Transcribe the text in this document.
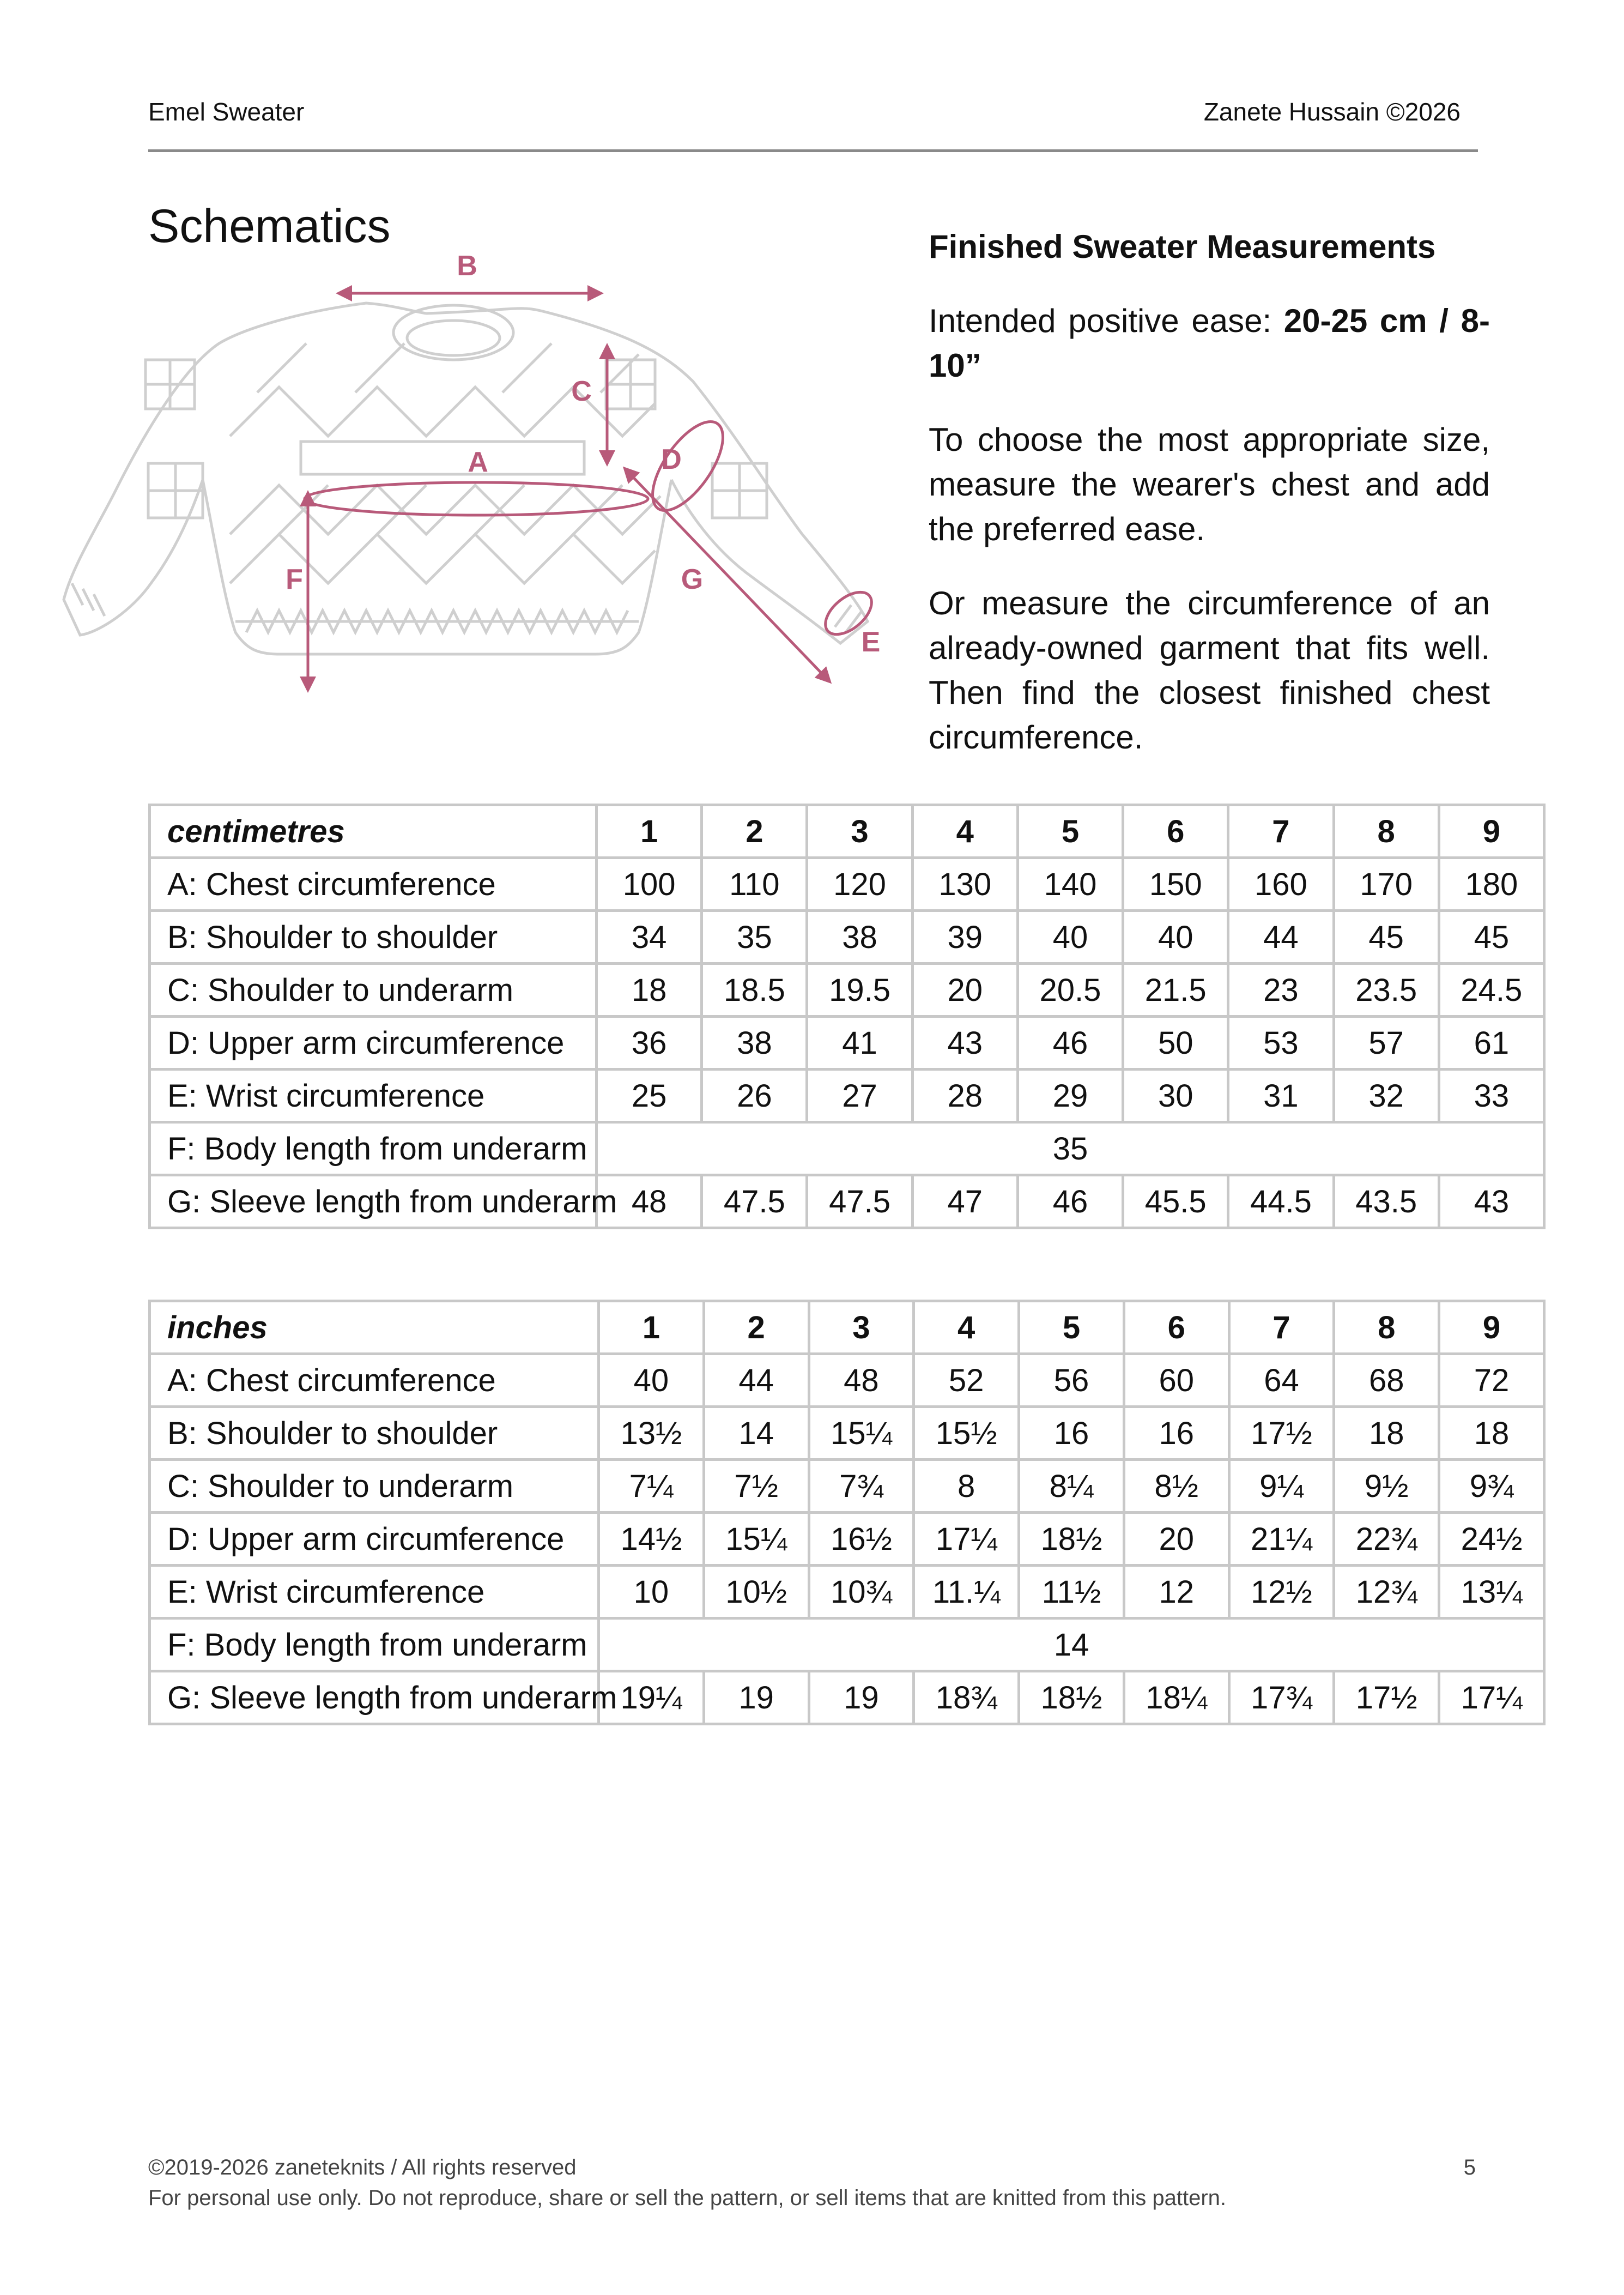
Emel Sweater	Zanete Hussain ©2026
Schematics
B
C
A	D
F	G
E

Finished Sweater Measurements

Intended positive ease: 20-25 cm / 8-10”

To choose the most appropriate size, measure the wearer's chest and add the preferred ease.

Or measure the circumference of an already-owned garment that fits well. Then find the closest finished chest circumference.

centimetres	1	2	3	4	5	6	7	8	9
A: Chest circumference	100	110	120	130	140	150	160	170	180
B: Shoulder to shoulder	34	35	38	39	40	40	44	45	45
C: Shoulder to underarm	18	18.5	19.5	20	20.5	21.5	23	23.5	24.5
D: Upper arm circumference	36	38	41	43	46	50	53	57	61
E: Wrist circumference	25	26	27	28	29	30	31	32	33
F: Body length from underarm	35								
G: Sleeve length from underarm	48	47.5	47.5	47	46	45.5	44.5	43.5	43
inches	1	2	3	4	5	6	7	8	9
A: Chest circumference	40	44	48	52	56	60	64	68	72
B: Shoulder to shoulder	13½	14	15¼	15½	16	16	17½	18	18
C: Shoulder to underarm	7¼	7½	7¾	8	8¼	8½	9¼	9½	9¾
D: Upper arm circumference	14½	15¼	16½	17¼	18½	20	21¼	22¾	24½
E: Wrist circumference	10	10½	10¾	11.¼	11½	12	12½	12¾	13¼
F: Body length from underarm	14								
G: Sleeve length from underarm	19¼	19	19	18¾	18½	18¼	17¾	17½	17¼
©2019-2026 zaneteknits / All rights reserved
For personal use only. Do not reproduce, share or sell the pattern, or sell items that are knitted from this pattern.
5
